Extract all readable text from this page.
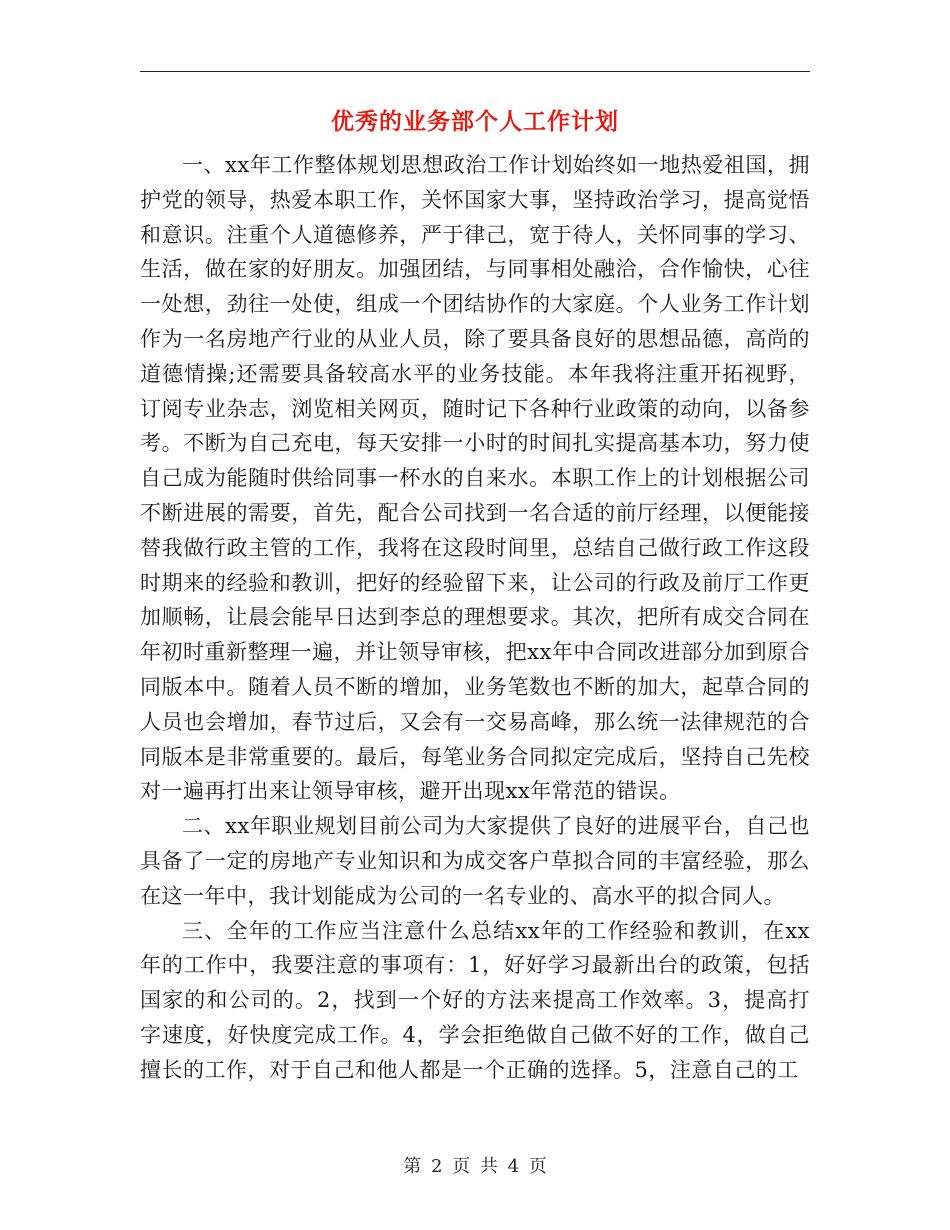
优秀的业务部个人工作计划

一、xx年工作整体规划思想政治工作计划始终如一地热爱祖国，拥护党的领导，热爱本职工作，关怀国家大事，坚持政治学习，提高觉悟和意识。注重个人道德修养，严于律己，宽于待人，关怀同事的学习、生活，做在家的好朋友。加强团结，与同事相处融洽，合作愉快，心往一处想，劲往一处使，组成一个团结协作的大家庭。个人业务工作计划作为一名房地产行业的从业人员，除了要具备良好的思想品德，高尚的道德情操;还需要具备较高水平的业务技能。本年我将注重开拓视野，订阅专业杂志，浏览相关网页，随时记下各种行业政策的动向，以备参考。不断为自己充电，每天安排一小时的时间扎实提高基本功，努力使自己成为能随时供给同事一杯水的自来水。本职工作上的计划根据公司不断进展的需要，首先，配合公司找到一名合适的前厅经理，以便能接替我做行政主管的工作，我将在这段时间里，总结自己做行政工作这段时期来的经验和教训，把好的经验留下来，让公司的行政及前厅工作更加顺畅，让晨会能早日达到李总的理想要求。其次，把所有成交合同在年初时重新整理一遍，并让领导审核，把xx年中合同改进部分加到原合同版本中。随着人员不断的增加，业务笔数也不断的加大，起草合同的人员也会增加，春节过后，又会有一交易高峰，那么统一法律规范的合同版本是非常重要的。最后，每笔业务合同拟定完成后，坚持自己先校对一遍再打出来让领导审核，避开出现xx年常范的错误。

二、xx年职业规划目前公司为大家提供了良好的进展平台，自己也具备了一定的房地产专业知识和为成交客户草拟合同的丰富经验，那么在这一年中，我计划能成为公司的一名专业的、高水平的拟合同人。

三、全年的工作应当注意什么总结xx年的工作经验和教训，在xx年的工作中，我要注意的事项有：1，好好学习最新出台的政策，包括国家的和公司的。2，找到一个好的方法来提高工作效率。3，提高打字速度，好快度完成工作。4，学会拒绝做自己做不好的工作，做自己擅长的工作，对于自己和他人都是一个正确的选择。5，注意自己的工

第 2 页 共 4 页
